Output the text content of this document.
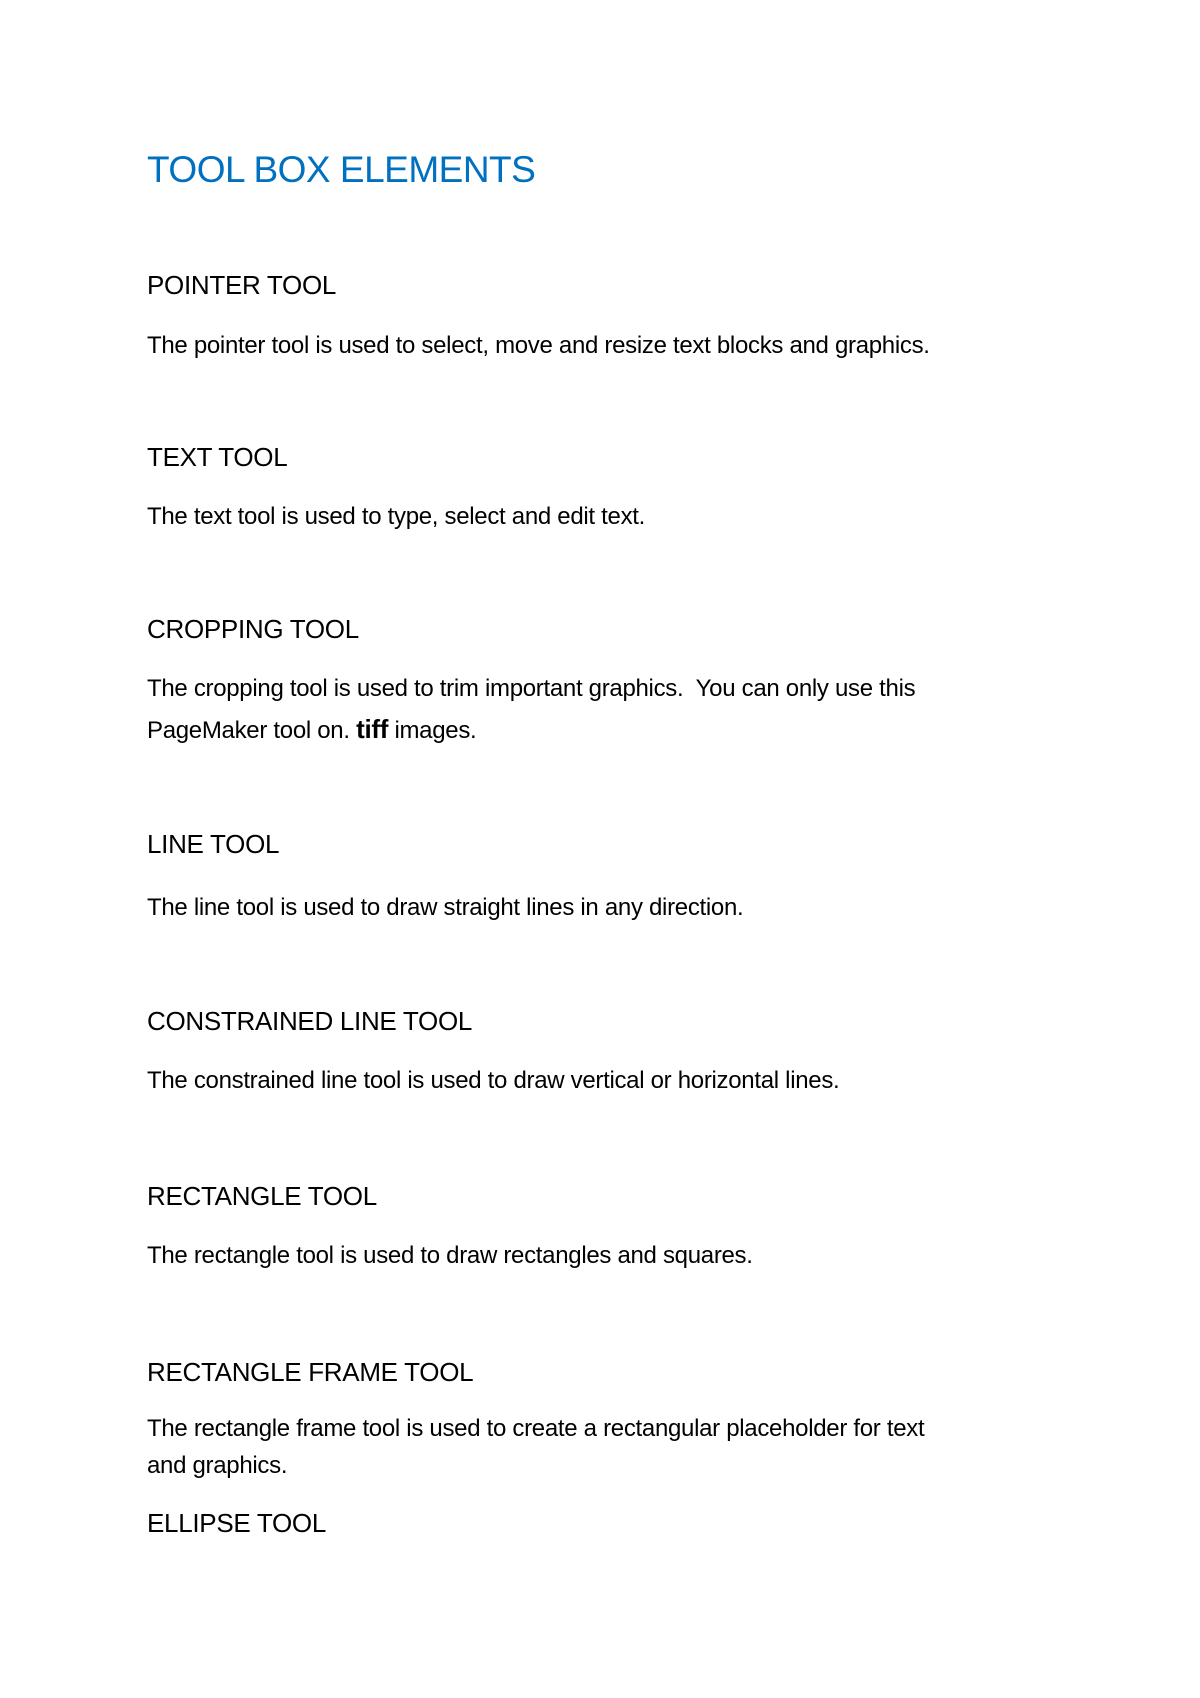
TOOL BOX ELEMENTS
POINTER TOOL

The pointer tool is used to select, move and resize text blocks and graphics.

TEXT TOOL

The text tool is used to type, select and edit text.

CROPPING TOOL

The cropping tool is used to trim important graphics.  You can only use this
PageMaker tool on. tiff images.

LINE TOOL

The line tool is used to draw straight lines in any direction.

CONSTRAINED LINE TOOL

The constrained line tool is used to draw vertical or horizontal lines.

RECTANGLE TOOL

The rectangle tool is used to draw rectangles and squares.

RECTANGLE FRAME TOOL

The rectangle frame tool is used to create a rectangular placeholder for text
and graphics.

ELLIPSE TOOL
